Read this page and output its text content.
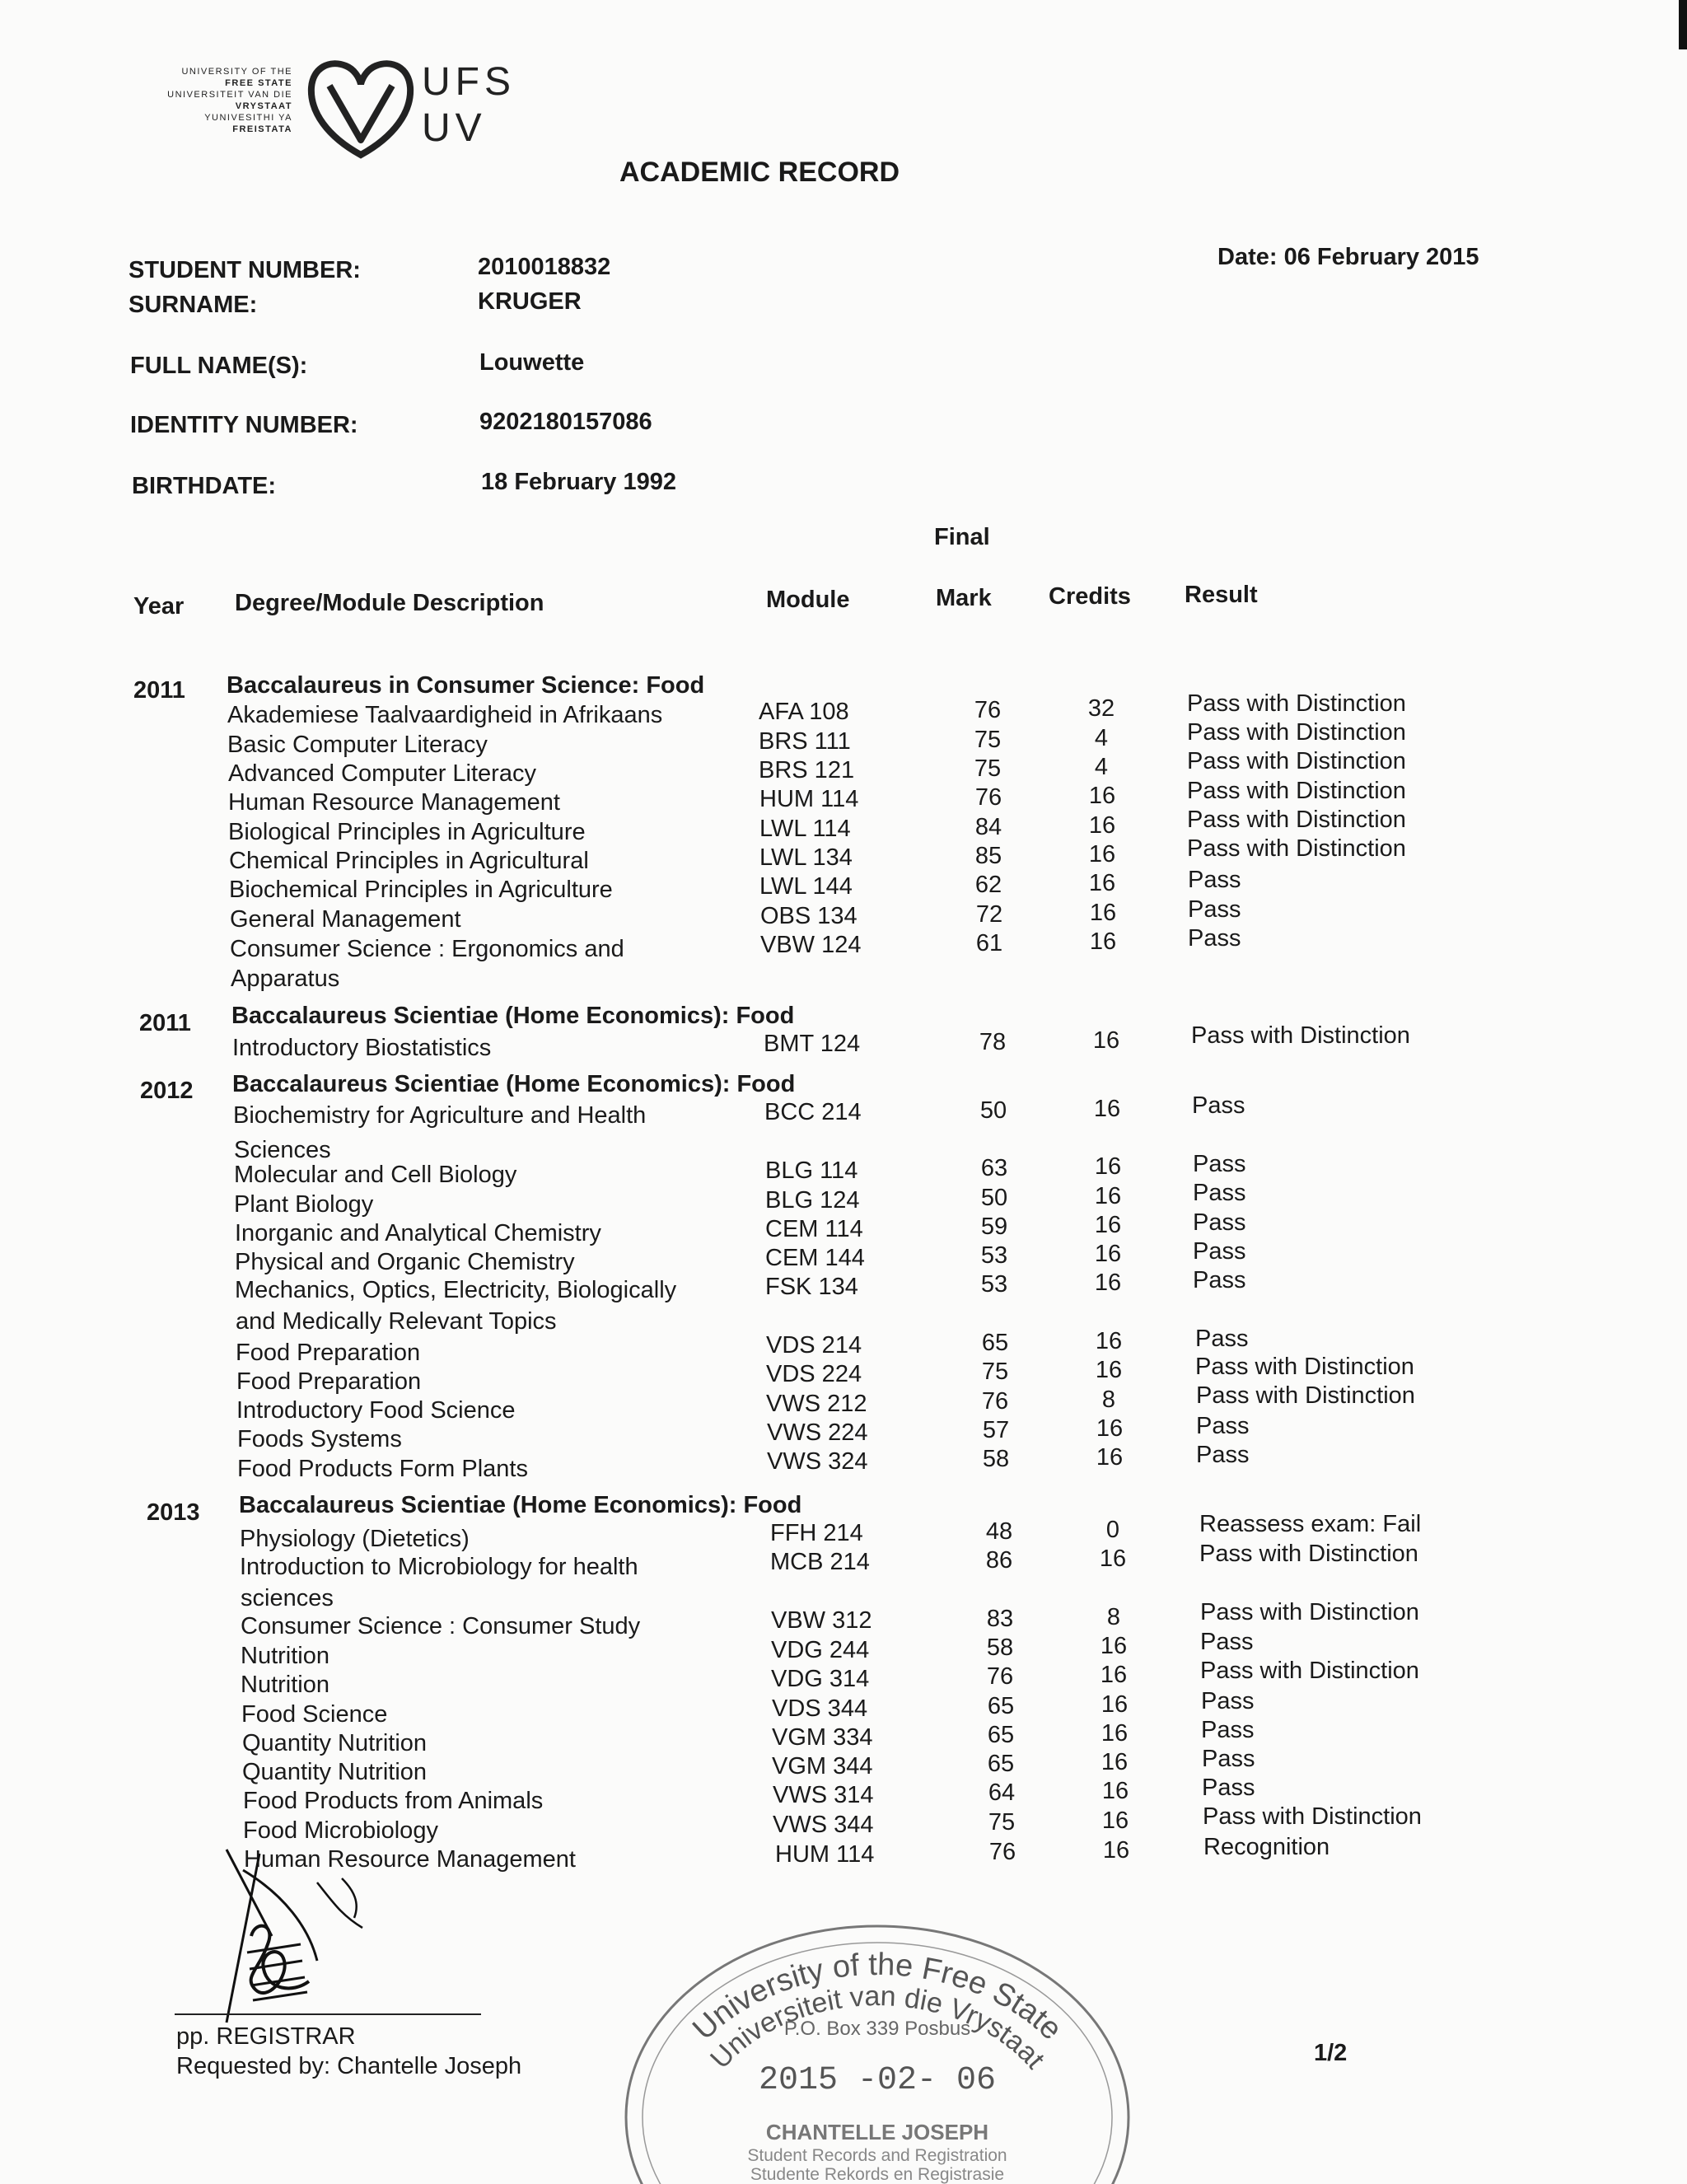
UNIVERSITY OF THE
FREE STATE
UNIVERSITEIT VAN DIE
VRYSTAAT
YUNIVESITHI YA
FREISTATA
UFS
UV
ACADEMIC RECORD
STUDENT NUMBER:	2010018832
SURNAME:	KRUGER
FULL NAME(S):	Louwette
IDENTITY NUMBER:	9202180157086
BIRTHDATE:	18 February 1992
Date: 06 February 2015
Year Degree/Module Description	Module
Final
Mark Credits Result
2011 Baccalaureus in Consumer Science: Food
Akademiese Taalvaardigheid in Afrikaans	AFA 108	76	32	Pass with Distinction
Basic Computer Literacy	BRS 111	75	4	Pass with Distinction
Advanced Computer Literacy	BRS 121	75	4	Pass with Distinction
Human Resource Management	HUM 114	76	16	Pass with Distinction
Biological Principles in Agriculture	LWL 114	84	16	Pass with Distinction
Chemical Principles in Agricultural	LWL 134	85	16	Pass with Distinction
Biochemical Principles in Agriculture	LWL 144	62	16	Pass
General Management	OBS 134	72	16	Pass
Consumer Science : Ergonomics and
Apparatus
VBW 124	61	16	Pass
2011 Baccalaureus Scientiae (Home Economics): Food
Introductory Biostatistics	BMT 124	78	16	Pass with Distinction
2012 Baccalaureus Scientiae (Home Economics): Food
Biochemistry for Agriculture and Health
Sciences
BCC 214	50	16	Pass
Molecular and Cell Biology	BLG 114	63	16	Pass
Plant Biology	BLG 124	50	16	Pass
Inorganic and Analytical Chemistry	CEM 114	59	16	Pass
Physical and Organic Chemistry	CEM 144	53	16	Pass
Mechanics, Optics, Electricity, Biologically
and Medically Relevant Topics
FSK 134	53	16	Pass
Food Preparation	VDS 214	65	16	Pass
Food Preparation	VDS 224	75	16	Pass with Distinction
Introductory Food Science	VWS 212	76	8	Pass with Distinction
Foods Systems	VWS 224	57	16	Pass
Food Products Form Plants	VWS 324	58	16	Pass
2013 Baccalaureus Scientiae (Home Economics): Food
Physiology (Dietetics)	FFH 214	48	0	Reassess exam: Fail
Introduction to Microbiology for health
sciences
MCB 214	86	16	Pass with Distinction
Consumer Science : Consumer Study	VBW 312	83	8	Pass with Distinction
Nutrition	VDG 244	58	16	Pass
Nutrition	VDG 314	76	16	Pass with Distinction
Food Science	VDS 344	65	16	Pass
Quantity Nutrition	VGM 334	65	16	Pass
Quantity Nutrition	VGM 344	65	16	Pass
Food Products from Animals	VWS 314	64	16	Pass
Food Microbiology	VWS 344	75	16	Pass with Distinction
Human Resource Management	HUM 114	76	16	Recognition
pp. REGISTRAR
Requested by: Chantelle Joseph
University of the Free State
Universiteit van die Vrystaat
P.O. Box 339 Posbus
2015 -02- 06
CHANTELLE JOSEPH
Student Records and Registration
Studente Rekords en Registrasie
1/2
